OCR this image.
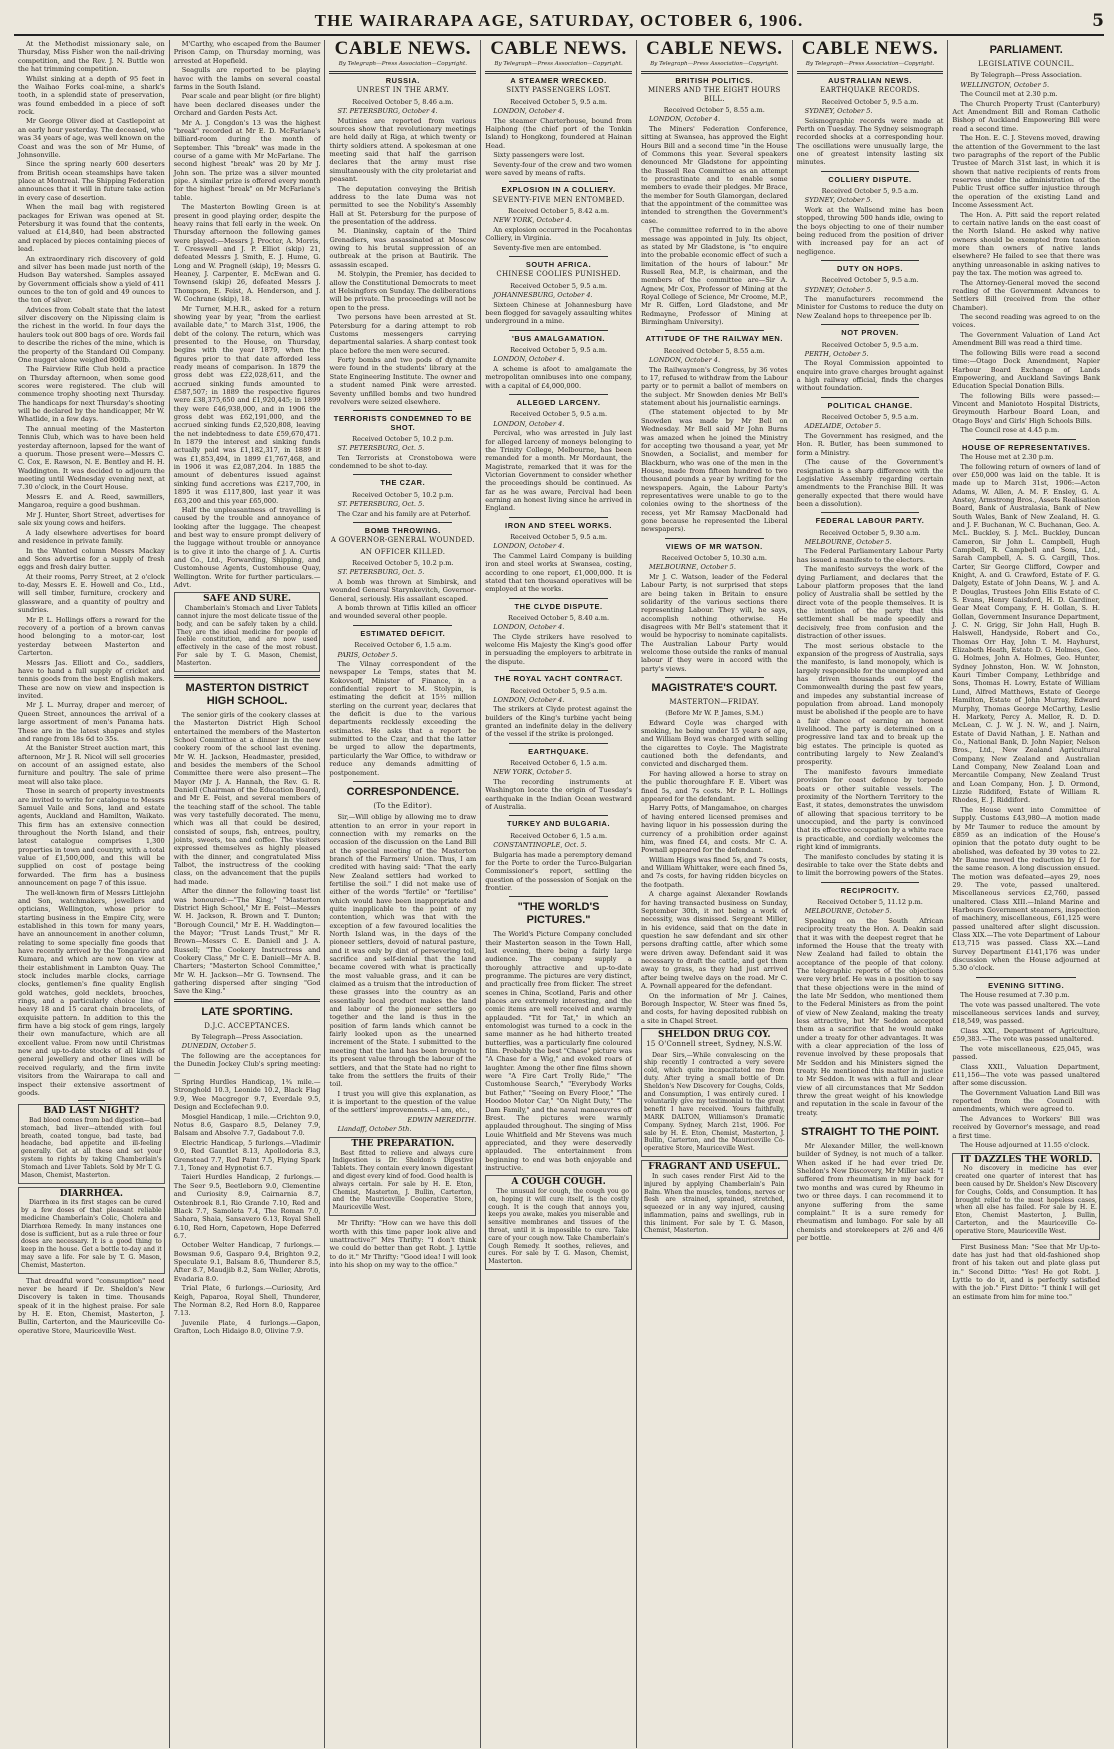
THE WAIRARAPA AGE, SATURDAY, OCTOBER 6, 1906.	5

At the Methodist missionary sale, on Thursday, Miss Fisher won the nail-driving competition, and the Rev. J. N. Buttle won the hat trimming competition.

Whilst sinking at a depth of 95 feet in the Waihao Forks coal-mine, a shark's tooth, in a splendid state of preservation, was found embedded in a piece of soft rock.

Mr George Oliver died at Castlepoint at an early hour yesterday. The deceased, who was 34 years of age, was well known on the Coast and was the son of Mr Hume, of Johnsonville.

Since the spring nearly 600 deserters from British ocean steamships have taken place at Montreal. The Shipping Federation announces that it will in future take action in every case of desertion.

When the mail bag with registered packages for Eriwan was opened at St. Petersburg it was found that the contents, valued at £14,840, had been abstracted and replaced by pieces containing pieces of lead.

An extraordinary rich discovery of gold and silver has been made just north of the Hudson Bay watershed. Samples assayed by Government officials show a yield of 411 ounces to the ton of gold and 49 ounces to the ton of silver.

Advices from Cobalt state that the latest silver discovery on the Nipissing claim is the richest in the world. In four days the haulers took out 800 bags of ore. Words fail to describe the riches of the mine, which is the property of the Standard Oil Company. One nugget alone weighed 800lb.

The Fairview Rifle Club held a practice on Thursday afternoon, when some good scores were registered. The club will commence trophy shooting next Thursday. The handicaps for next Thursday's shooting will be declared by the handicapper, Mr W. Whatlide, in a few days.

The annual meeting of the Masterton Tennis Club, which was to have been held yesterday afternoon, lapsed for the want of a quorum. Those present were—Messrs C. C. Cox, E. Rawson, N. E. Bentley and H. H. Waddington. It was decided to adjourn the meeting until Wednesday evening next, at 7.30 o'clock, in the Court House.

Messrs E. and A. Reed, sawmillers, Mangaroa, require a good bushman.

Mr J. Hunter, Short Street, advertises for sale six young cows and heifers.

A lady elsewhere advertises for board and residence in private family.

In the Wanted column Messrs Mackay and Sons advertise for a supply of fresh eggs and fresh dairy butter.

At their rooms, Perry Street, at 2 o'clock to-day, Messrs E. E. Howell and Co., Ltd., will sell timber, furniture, crockery and glassware, and a quantity of poultry and sundries.

Mr P. L. Hollings offers a reward for the recovery of a portion of a brown canvas hood belonging to a motor-car, lost yesterday between Masterton and Carterton.

Messrs Jas. Elliott and Co., saddlers, have to hand a full supply of cricket and tennis goods from the best English makers. These are now on view and inspection is invited.

Mr J. L. Murray, draper and mercer, of Queen Street, announces the arrival of a large assortment of men's Panama hats. These are in the latest shapes and styles and range from 18s 6d to 35s.

At the Banister Street auction mart, this afternoon, Mr J. R. Nicol will sell groceries on account of an assigned estate, also furniture and poultry. The sale of prime meat will also take place.

Those in search of property investments are invited to write for catalogue to Messrs Samuel Vaile and Sons, land and estate agents, Auckland and Hamilton, Waikato. This firm has an extensive connection throughout the North Island, and their latest catalogue comprises 1,300 properties in town and country, with a total value of £1,500,000, and this will be supplied on cost of postage being forwarded. The firm has a business announcement on page 7 of this issue.

The well-known firm of Messrs Littlejohn and Son, watchmakers, jewellers and opticians, Wellington, whose prior to starting business in the Empire City, were established in this town for many years, have an announcement in another column, relating to some specially fine goods that have recently arrived by the Tongariro and Kumara, and which are now on view at their establishment in Lambton Quay. The stock includes marble clocks, carriage clocks, gentlemen's fine quality English gold watches, gold necklets, brooches, rings, and a particularly choice line of heavy 18 and 15 carat chain bracelets, of exquisite pattern. In addition to this the firm have a big stock of gem rings, largely their own manufacture, which are all excellent value. From now until Christmas new and up-to-date stocks of all kinds of general jewellery and other lines will be received regularly, and the firm invite visitors from the Wairarapa to call and inspect their extensive assortment of goods.

BAD LAST NIGHT?

Bad blood comes from bad digestion—bad stomach, bad liver—attended with foul breath, coated tongue, bad taste, bad headache, bad appetite and ill-feeling generally. Get at all these and set your system to rights by taking Chamberlain's Stomach and Liver Tablets. Sold by Mr T. G. Mason, Chemist, Masterton.

DIARRHŒA.

Diarrhœa in its first stages can be cured by a few doses of that pleasant reliable medicine Chamberlain's Colic, Cholera and Diarrhœa Remedy. In many instances one dose is sufficient, but as a rule three or four doses are necessary. It is a good thing to keep in the house. Get a bottle to-day and it may save a life. For sale by T. G. Mason, Chemist, Masterton.

That dreadful word "consumption" need never be heard if Dr. Sheldon's New Discovery is taken in time. Thousands speak of it in the highest praise. For sale by H. E. Eton, Chemist, Masterton, J. Bullin, Carterton, and the Mauriceville Co-operative Store, Mauriceville West.

M'Carthy, who escaped from the Baumer Prison Camp, on Thursday morning, was arrested at Hopefield.

Seagulls are reported to be playing havoc with the lambs on several coastal farms in the South Island.

Pear scale and pear blight (or fire blight) have been declared diseases under the Orchard and Garden Pests Act.

Mr A. J. Congdon's 13 was the highest "break" recorded at Mr E. D. McFarlane's billiard-room during the month of September. This "break" was made in the course of a game with Mr McFarlane. The second highest "break" was 20 by Mr J. John son. The prize was a silver mounted pipe. A similar prize is offered every month for the highest "break" on Mr McFarlane's table.

The Masterton Bowling Green is at present in good playing order, despite the heavy rains that fell early in the week. On Thursday afternoon the following games were played:—Messrs J. Procter, A. Morris, T. Cresswell and J. P. Elliot (skip) 21, defeated Messrs J. Smith, E. J. Hume, G. Long and W. Pragnell (skip), 19; Messrs G. Heaney, J. Carpenter, E. McEwan and G. Townsend (skip) 26, defeated Messrs J. Thompson, E. Feist, A. Henderson, and J. W. Cochrane (skip), 18.

Mr Turner, M.H.R., asked for a return showing year by year, "from the earliest available date," to March 31st, 1906, the debt of the colony. The return, which was presented to the House, on Thursday, begins with the year 1879, when the figures prior to that date afforded less ready means of comparison. In 1879 the gross debt was £22,028,611, and the accrued sinking funds amounted to £587,507; in 1889 the respective figures were £38,375,650 and £1,920,445; in 1899 they were £46,938,000, and in 1906 the gross debt was £62,191,000, and the accrued sinking funds £2,520,808, leaving the net indebtedness to date £59,670,471. In 1879 the interest and sinking funds actually paid was £1,182,317, in 1889 it was £1,853,494, in 1899 £1,767,468, and in 1906 it was £2,087,204. In 1885 the amount of debentures issued against sinking fund accretions was £217,700, in 1895 it was £117,800, last year it was £63,200 and this year £65,000.

Half the unpleasantness of travelling is caused by the trouble and annoyance of looking after the luggage. The cheapest and best way to ensure prompt delivery of the luggage without trouble or annoyance is to give it into the charge of J. A. Curtis and Co., Ltd., Forwarding, Shipping, and Customhouse Agents, Customhouse Quay, Wellington. Write for further particulars.—Advt.

SAFE AND SURE.

Chamberlain's Stomach and Liver Tablets cannot injure the most delicate tissue of the body, and can be safely taken by a child. They are the ideal medicine for people of feeble constitution, and are now used effectively in the case of the most robust. For sale by T. G. Mason, Chemist, Masterton.

MASTERTON DISTRICT HIGH SCHOOL.

The senior girls of the cookery classes at the Masterton District High School entertained the members of the Masterton School Committee at a dinner in the new cookery room of the school last evening. Mr W. H. Jackson, Headmaster, presided, and besides the members of the School Committee there were also present—The Mayor (Mr J. A. Hannah, the Rev. G. R. Daniell (Chairman of the Education Board), and Mr E. Feist, and several members of the teaching staff of the school. The table was very tastefully decorated. The menu, which was all that could be desired, consisted of soups, fish, entrees, poultry, joints, sweets, tea and coffee. The visitors expressed themselves as highly pleased with the dinner, and congratulated Miss Talbot, the instructress of the cooking class, on the advancement that the pupils had made.

After the dinner the following toast list was honoured:—"The King;" "Masterton District High School," Mr E. Feist—Messrs W. H. Jackson, R. Brown and T. Dunton; "Borough Council," Mr E. H. Waddington—the Mayor; "Trust Lands Trust," Mr R. Brown—Messrs C. E. Daniell and J. A. Russell; "The Cookery Instructress and Cookery Class," Mr C. E. Daniell—Mr A. B. Charters; "Masterton School Committee," Mr W. H. Jackson—Mr G. Townsend. The gathering dispersed after singing "God Save the King."

LATE SPORTING.
D.J.C. ACCEPTANCES.
By Telegraph—Press Association.

DUNEDIN, October 5.

The following are the acceptances for the Dunedin Jockey Club's spring meeting:—

Spring Hurdles Handicap, 1¾ mile.—Stronghold 10.3, Leonide 10.2, Black Flag 9.9, Wee Macgregor 9.7, Everdale 9.5, Design and Ecclefechan 9.0.

Mosgiel Handicap, 1 mile.—Crichton 9.0, Notus 8.6, Gasparo 8.5, Delaney 7.9, Balsam and Absolve 7.7, Gadabout 7.0.

Electric Handicap, 5 furlongs.—Vladimir 9.0, Red Gauntlet 8.13, Apollodoria 8.3, Grenstead 7.7, Red Paint 7.5, Flying Spark 7.1, Toney and Hypnotist 6.7.

Taieri Hurdles Handicap, 2 furlongs.—The Seer 9.5, Beetleborn 9.0, Clementine and Curiosity 8.9, Cairnarnia 8.7, Ostenbroek 8.1, Rio Grande 7.10, Red and Black 7.7, Samoleta 7.4, The Roman 7.0, Sahara, Shaia, Sansavero 6.13, Royal Shell 6.10, Red Horn, Capetown, Hope Deferred 6.7.

October Welter Handicap, 7 furlongs.—Bowsman 9.6, Gasparo 9.4, Brighton 9.2, Speculate 9.1, Balsam 8.6, Thunderer 8.5, After 8.7, Maudjib 8.2, Sam Weller, Abrotis, Evadaria 8.0.

Trial Plate, 6 furlongs.—Curiosity, Ard Keigh, Paparoa, Royal Shell, Thunderer, The Norman 8.2, Red Horn 8.0, Rapparee 7.13.

Juvenile Plate, 4 furlongs.—Gapon, Grafton, Loch Hidaigo 8.0, Olivine 7.9.

CABLE NEWS.
By Telegraph—Press Association—Copyright.
RUSSIA.
UNREST IN THE ARMY.
Received October 5, 8.46 a.m.

ST. PETERSBURG, October 4.

Mutinies are reported from various sources show that revolutionary meetings are held daily at Riga, at which twenty or thirty soldiers attend. A spokesman at one meeting said that half the garrison declares that the army must rise simultaneously with the city proletariat and peasant.

The deputation conveying the British address to the late Duma was not permitted to see the Nobility's Assembly Hall at St. Petersburg for the purpose of the presentation of the address.

M. Dianinsky, captain of the Third Grenadiers, was assassinated at Moscow owing to his brutal suppression of an outbreak at the prison at Bautirik. The assassin escaped.

M. Stolypin, the Premier, has decided to allow the Constitutional Democrats to meet at Helsingfors on Sunday. The deliberations will be private. The proceedings will not be open to the press.

Two persons have been arrested at St. Petersburg for a daring attempt to rob Customs messengers carrying departmental salaries. A sharp contest took place before the men were secured.

Forty bombs and two pods of dynamite were found in the students' library at the State Engineering Institute. The owner and a student named Pink were arrested. Seventy unfilled bombs and two hundred revolvers were seized elsewhere.

TERRORISTS CONDEMNED TO BE SHOT.
Received October 5, 10.2 p.m.

ST. PETERSBURG, Oct. 5.

Ten Terrorists at Cronstobowa were condemned to be shot to-day.

THE CZAR.
Received October 5, 10.2 p.m.

ST. PETERSBURG, Oct. 5.

The Czar and his family are at Peterhof.

BOMB THROWING.
A GOVERNOR-GENERAL WOUNDED.
AN OFFICER KILLED.
Received October 5, 10.2 p.m.

ST. PETERSBURG, Oct. 5.

A bomb was thrown at Simbirsk, and wounded General Starynkevitch, Governor-General, seriously. His assailant escaped.

A bomb thrown at Tiflis killed an officer and wounded several other people.

ESTIMATED DEFICIT.
Received October 6, 1.5 a.m.

PARIS, October 5.

The Vilnay correspondent of the newspaper Le Temps, states that M. Kokovsoff, Minister of Finance, in a confidential report to M. Stolypin, is estimating the deficit at 15½ million sterling on the current year, declares that the deficit is due to the various departments recklessly exceeding the estimates. He asks that a report be submitted to the Czar, and that the latter be urged to allow the departments, particularly the War Office, to withdraw or reduce any demands admitting of postponement.

CORRESPONDENCE.
(To the Editor).

Sir,—Will oblige by allowing me to draw attention to an error in your report in connection with my remarks on the occasion of the discussion on the Land Bill at the special meeting of the Masterton branch of the Farmers' Union. Thus, I am credited with having said: "That the early New Zealand settlers had worked to fertilise the soil." I did not make use of either of the words "fertile" or "fertilise" which would have been inappropriate and quite inapplicable to the point of my contention, which was that with the exception of a few favoured localities the North Island was, in the days of the pioneer settlers, devoid of natural pasture, and it was only by dint of persevering toil, sacrifice and self-denial that the land became covered with what is practically the most valuable grass, and it can be claimed as a truism that the introduction of these grasses into the country as an essentially local product makes the land and labour of the pioneer settlers go together and the land is thus in the position of farm lands which cannot be fairly looked upon as the unearned increment of the State. I submitted to the meeting that the land has been brought to its present value through the labour of the settlers, and that the State had no right to take from the settlers the fruits of their toil.

I trust you will give this explanation, as it is important to the question of the value of the settlers' improvements.—I am, etc.,

EDWIN MEREDITH.

Llandaff, October 5th.

THE PREPARATION.

Best fitted to relieve and always cure Indigestion is Dr. Sheldon's Digestive Tablets. They contain every known digestant and digest every kind of food. Good health is always certain. For sale by H. E. Eton, Chemist, Masterton, J. Bullin, Carterton, and the Mauriceville Cooperative Store, Mauriceville West.

Mr Thrifty: "How can we have this doll worth with this time paper look alive and unattractive?" Mrs Thrifty: "I don't think we could do better than get Robt. J. Lyttle to do it." Mr Thrifty: "Good idea! I will look into his shop on my way to the office."

CABLE NEWS.
By Telegraph—Press Association—Copyright.
A STEAMER WRECKED.
SIXTY PASSENGERS LOST.
Received October 5, 9.5 a.m.

LONDON, October 4.

The steamer Charterhouse, bound from Haiphong (the chief port of the Tonkin Island) to Hongkong, foundered at Hainan Head.

Sixty passengers were lost.

Seventy-four of the crew and two women were saved by means of rafts.

EXPLOSION IN A COLLIERY.
SEVENTY-FIVE MEN ENTOMBED.
Received October 5, 8.42 a.m.

NEW YORK, October 4.

An explosion occurred in the Pocahontas Colliery, in Virginia.

Seventy-five men are entombed.

SOUTH AFRICA.
CHINESE COOLIES PUNISHED.
Received October 5, 9.5 a.m.

JOHANNESBURG, October 4.

Sixteen Chinese at Johannesburg have been flogged for savagely assaulting whites underground in a mine.

'BUS AMALGAMATION.
Received October 5, 9.5 a.m.

LONDON, October 4.

A scheme is afoot to amalgamate the metropolitan omnibuses into one company, with a capital of £4,000,000.

ALLEGED LARCENY.
Received October 5, 9.5 a.m.

LONDON, October 4.

Percival, who was arrested in July last for alleged larceny of moneys belonging to the Trinity College, Melbourne, has been remanded for a month. Mr Mordaunt, the Magistrate, remarked that it was for the Victorian Government to consider whether the proceedings should be continued. As far as he was aware, Percival had been earning an honest living since he arrived in England.

IRON AND STEEL WORKS.
Received October 5, 9.5 a.m.

LONDON, October 4.

The Cammel Laird Company is building iron and steel works at Swansea, costing, according to one report, £1,000,000. It is stated that ten thousand operatives will be employed at the works.

THE CLYDE DISPUTE.
Received October 5, 8.40 a.m.

LONDON, October 4.

The Clyde strikers have resolved to welcome His Majesty the King's good offer in persuading the employers to arbitrate in the dispute.

THE ROYAL YACHT CONTRACT.
Received October 5, 9.5 a.m.

LONDON, October 4.

The strikers at Clyde protest against the builders of the King's turbine yacht being granted an indefinite delay in the delivery of the vessel if the strike is prolonged.

EARTHQUAKE.
Received October 6, 1.5 a.m.

NEW YORK, October 5.

The recording instruments at Washington locate the origin of Tuesday's earthquake in the Indian Ocean westward of Australia.

TURKEY AND BULGARIA.
Received October 6, 1.5 a.m.

CONSTANTINOPLE, Oct. 5.

Bulgaria has made a peremptory demand for the Porte to order the Turco-Bulgarian Commissioner's report, settling the question of the possession of Sonjak on the frontier.

"THE WORLD'S PICTURES."

The World's Picture Company concluded their Masterton season in the Town Hall, last evening, there being a fairly large audience. The company supply a thoroughly attractive and up-to-date programme. The pictures are very distinct, and practically free from flicker. The street scenes in China, Scotland, Paris and other places are extremely interesting, and the comic items are well received and warmly applauded. "Tit for Tat," in which an entomologist was turned to a cock in the same manner as he had hitherto treated butterflies, was a particularly fine coloured film. Probably the best "Chase" picture was "A Chase for a Wig," and evoked roars of laughter. Among the other fine films shown were "A Fire Cart Trolly Ride," "The Customhouse Search," "Everybody Works but Father," "Seeing on Every Floor," "The Hoodoo Motor Car," "On Night Duty," "The Dam Family," and the naval manoeuvres off Brest. The pictures were warmly applauded throughout. The singing of Miss Louie Whitfield and Mr Stevens was much appreciated, and they were deservedly applauded. The entertainment from beginning to end was both enjoyable and instructive.

A COUGH COUGH.

The unusual for cough, the cough you go on, hoping it will cure itself, is the costly cough. It is the cough that annoys you, keeps you awake, makes you miserable and sensitive membranes and tissues of the throat, until it is impossible to cure. Take care of your cough now. Take Chamberlain's Cough Remedy. It soothes, relieves, and cures. For sale by T. G. Mason, Chemist, Masterton.

CABLE NEWS.
By Telegraph—Press Association—Copyright.
BRITISH POLITICS.
MINERS AND THE EIGHT HOURS BILL.
Received October 5, 8.55 a.m.

LONDON, October 4.

The Miners' Federation Conference, sitting at Swansea, has approved the Eight Hours Bill and a second time "in the House of Commons this year. Several speakers denounced Mr Gladstone for appointing the Russell Rea Committee as an attempt to procrastinate and to enable some members to evade their pledges. Mr Brace, the member for South Glamorgan, declared that the appointment of the committee was intended to strengthen the Government's case.

(The committee referred to in the above message was appointed in July. Its object, as stated by Mr Gladstone, is "to enquire into the probable economic effect of such a limitation of the hours of labour." Mr Russell Rea, M.P., is chairman, and the members of the committee are—Sir A. Agnew, Mr Cox, Professor of Mining at the Royal College of Science, Mr Croome, M.P., Mr R. Giffen, Lord Gladstone, and Mr Redmayne, Professor of Mining at Birmingham University).

ATTITUDE OF THE RAILWAY MEN.
Received October 5, 8.55 a.m.

LONDON, October 4.

The Railwaymen's Congress, by 36 votes to 17, refused to withdraw from the Labour party or to permit a ballot of members on the subject. Mr Snowden denies Mr Bell's statement about his journalistic earnings.

(The statement objected to by Mr Snowden was made by Mr Bell on Wednesday. Mr Bell said Mr John Burns was amazed when he joined the Ministry for accepting two thousand a year, yet Mr Snowden, a Socialist, and member for Blackburn, who was one of the men in the House, made from fifteen hundred to two thousand pounds a year by writing for the newspapers. Again, the Labour Party's representatives were unable to go to the colonies owing to the shortness of the recess, yet Mr Ramsay MacDonald had gone because he represented the Liberal newspapers).

VIEWS OF MR WATSON.
Received October 5, 10.30 a.m.

MELBOURNE, October 5.

Mr J. C. Watson, leader of the Federal Labour Party, is not surprised that steps are being taken in Britain to ensure solidarity of the various sections there representing Labour. They will, he says, accomplish nothing otherwise. He disagrees with Mr Bell's statement that it would be hypocrisy to nominate capitalists. The Australian Labour Party would welcome those outside the ranks of manual labour if they were in accord with the party's views.

MAGISTRATE'S COURT.
MASTERTON—FRIDAY.
(Before Mr W. P. James, S.M.)

Edward Coyle was charged with smoking, he being under 15 years of age, and William Boyd was charged with selling the cigarettes to Coyle. The Magistrate cautioned both the defendants, and convicted and discharged them.

For having allowed a horse to stray on the public thoroughfare F. E. Vibert was fined 5s, and 7s costs. Mr P. L. Hollings appeared for the defendant.

Harry Potts, of Mangamahoe, on charges of having entered licensed premises and having liquor in his possession during the currency of a prohibition order against him, was fined £4, and costs. Mr C. A. Pownall appeared for the defendant.

William Higgs was fined 5s, and 7s costs, and William Whittaker, were each fined 5s, and 7s costs, for having ridden bicycles on the footpath.

A charge against Alexander Rowlands for having transacted business on Sunday, September 30th, it not being a work of necessity, was dismissed. Sergeant Miller, in his evidence, said that on the date in question he saw defendant and six other persons drafting cattle, after which some were driven away. Defendant said it was necessary to draft the cattle, and get them away to grass, as they had just arrived after being twelve days on the road. Mr C. A. Pownall appeared for the defendant.

On the information of Mr J. Caines, Borough Inspector, W. Steer was fined 5s, and costs, for having deposited rubbish on a site in Chapel Street.

SHELDON DRUG COY.
15 O'Connell street, Sydney, N.S.W.

Dear Sirs,—While convalescing on the ship recently I contracted a very severe cold, which quite incapacitated me from duty. After trying a small bottle of Dr. Sheldon's New Discovery for Coughs, Colds, and Consumption, I was entirely cured. I voluntarily give my testimonial to the great benefit I have received. Yours faithfully, MARK DALTON, Williamson's Dramatic Company. Sydney, March 21st, 1906. For sale by H. E. Eton, Chemist, Masterton, J. Bullin, Carterton, and the Mauriceville Co-operative Store, Mauriceville West.

FRAGRANT AND USEFUL.

In such cases render First Aid to the injured by applying Chamberlain's Pain Balm. When the muscles, tendons, nerves or flesh are strained, sprained, stretched, squeezed or in any way injured, causing inflammation, pains and swellings, rub in this liniment. For sale by T. G. Mason, Chemist, Masterton.

CABLE NEWS.
By Telegraph—Press Association—Copyright.
AUSTRALIAN NEWS.
EARTHQUAKE RECORDS.
Received October 5, 9.5 a.m.

SYDNEY, October 5.

Seismographic records were made at Perth on Tuesday. The Sydney seismograph recorded shocks at a corresponding hour. The oscillations were unusually large, the one of greatest intensity lasting six minutes.

COLLIERY DISPUTE.
Received October 5, 9.5 a.m.

SYDNEY, October 5.

Work at the Wallsend mine has been stopped, throwing 500 hands idle, owing to the boys objecting to one of their number being reduced from the position of driver with increased pay for an act of negligence.

DUTY ON HOPS.
Received October 5, 9.5 a.m.

SYDNEY, October 5.

The manufacturers recommend the Minister for Customs to reduce the duty on New Zealand hops to threepence per lb.

NOT PROVEN.
Received October 5, 9.5 a.m.

PERTH, October 5.

The Royal Commission appointed to enquire into grave charges brought against a high railway official, finds the charges without foundation.

POLITICAL CHANGE.
Received October 5, 9.5 a.m.

ADELAIDE, October 5.

The Government has resigned, and the Hon. R. Butler, has been summoned to form a Ministry.

(The cause of the Government's resignation is a sharp difference with the Legislative Assembly regarding certain amendments to the Franchise Bill. It was generally expected that there would have been a dissolution).

FEDERAL LABOUR PARTY.
Received October 5, 9.30 a.m.

MELBOURNE, October 5.

The Federal Parliamentary Labour Party has issued a manifesto to the electors.

The manifesto surveys the work of the dying Parliament, and declares that the Labour platform proposes that the land policy of Australia shall be settled by the direct vote of the people themselves. It is the intention of the party that this settlement shall be made speedily and decisively, free from confusion and the distraction of other issues.

The most serious obstacle to the expansion of the progress of Australia, says the manifesto, is land monopoly, which is largely responsible for the unemployed and has driven thousands out of the Commonwealth during the past few years, and impedes any substantial increase of population from abroad. Land monopoly must be abolished if the people are to have a fair chance of earning an honest livelihood. The party is determined on a progressive land tax and to break up the big estates. The principle is quoted as contributing largely to New Zealand's prosperity.

The manifesto favours immediate provision for coast defence by torpedo boats or other suitable vessels. The proximity of the Northern Territory to the East, it states, demonstrates the unwisdom of allowing that spacious territory to be unoccupied, and the party is convinced that its effective occupation by a white race is practicable, and cordially welcomes the right kind of immigrants.

The manifesto concludes by stating it is desirable to take over the State debts and to limit the borrowing powers of the States.

RECIPROCITY.
Received October 5, 11.12 p.m.

MELBOURNE, October 5.

Speaking on the South African reciprocity treaty the Hon. A. Deakin said that it was with the deepest regret that he informed the House that the treaty with New Zealand had failed to obtain the acceptance of the people of that colony. The telegraphic reports of the objections were very brief. He was in a position to say that these objections were in the mind of the late Mr Seddon, who mentioned them to the Federal Ministers as from the point of view of New Zealand, making the treaty less attractive, but Mr Seddon accepted them as a sacrifice that he would make under a treaty for other advantages. It was with a clear appreciation of the loss of revenue involved by these proposals that Mr Seddon and his Ministers signed the treaty. He mentioned this matter in justice to Mr Seddon. It was with a full and clear view of all circumstances that Mr Seddon threw the great weight of his knowledge and reputation in the scale in favour of the treaty.

STRAIGHT TO THE POINT.

Mr Alexander Miller, the well-known builder of Sydney, is not much of a talker. When asked if he had ever tried Dr. Sheldon's New Discovery, Mr Miller said: "I suffered from rheumatism in my back for two months and was cured by Rheumo in two or three days. I can recommend it to anyone suffering from the same complaint." It is a sure remedy for rheumatism and lumbago. For sale by all chemists and storekeepers at 2/6 and 4/6 per bottle.

PARLIAMENT.
LEGISLATIVE COUNCIL.
By Telegraph—Press Association.

WELLINGTON, October 5.

The Council met at 2.30 p.m.

The Church Property Trust (Canterbury) Act Amendment Bill and Roman Catholic Bishop of Auckland Empowering Bill were read a second time.

The Hon. E. C. J. Stevens moved, drawing the attention of the Government to the last two paragraphs of the report of the Public Trustee of March 31st last, in which it is shown that native recipients of rents from reserves under the administration of the Public Trust office suffer injustice through the operation of the existing Land and Income Assessment Act.

The Hon. A. Pitt said the report related to certain native lands on the east coast of the North Island. He asked why native owners should be exempted from taxation more than owners of native lands elsewhere? He failed to see that there was anything unreasonable in asking natives to pay the tax. The motion was agreed to.

The Attorney-General moved the second reading of the Government Advances to Settlers Bill (received from the other Chamber).

The second reading was agreed to on the voices.

The Government Valuation of Land Act Amendment Bill was read a third time.

The following Bills were read a second time:—Otago Dock Amendment, Napier Harbour Board Exchange of Lands Empowering, and Auckland Savings Bank Education Special Donation Bills.

The following Bills were passed:—Vincent and Maniototo Hospital Districts, Greymouth Harbour Board Loan, and Otago Boys' and Girls' High Schools Bills.

The Council rose at 4.45 p.m.

HOUSE OF REPRESENTATIVES.

The House met at 2.30 p.m.

The following return of owners of land of over £50,000 was laid on the table. It is made up to March 31st, 1906:—Acton Adams, W. Allen, A. M. F. Ensley, G. A. Anstey, Armstrong Bros., Assets Realisation Board, Bank of Australasia, Bank of New South Wales, Bank of New Zealand, H. G. and J. F. Buchanan, W. C. Buchanan, Geo. A. McL. Buckley, S. J. McL. Buckley, Duncan Cameron, Sir John L. Campbell, Hugh Campbell, R. Campbell and Sons, Ltd., Sarah Campbell, A. S. G. Cargill, Thos. Carter, Sir George Clifford, Cowper and Knight, A. and G. Crawford, Estate of F. G. Dalgety, Estate of John Deans, W. J. and A. P. Douglas, Trustees John Ellis Estate of C. S. Evans, Henry Gaisford, H. D. Gardiner, Gear Meat Company, F. H. Gollan, S. H. Gollan, Government Insurance Department, J. C. N. Grigg, Sir John Hall, Hugh B. Halswell, Handyside, Robert and Co., Thomas Orr Hay, John T. M. Hayhurst, Elizabeth Heath, Estate D. G. Holmes, Geo. G. Holmes, John A. Holmes, Geo. Hunter, Sydney Johnston, Hon. W. W. Johnston, Kauri Timber Company, Lethbridge and Sons, Thomas H. Lowry, Estate of William Lund, Alfred Matthews, Estate of George Hamilton, Estate of John Murray, Edward Murphy, Thomas George McCarthy, Leslie H. Markety, Percy A. Mellor, R. D. D. McLean, C. J. W. J. N. W., and J. Nairn, Estate of David Nathan, J. E. Nathan and Co., National Bank, D. John Napier, Nelson Bros., Ltd., New Zealand Agricultural Company, New Zealand and Australian Land Company, New Zealand Loan and Mercantile Company, New Zealand Trust and Loan Company, Hon. J. D. Ormond, Lizzie Riddiford, Estate of William R. Rhodes, E. J. Riddiford.

The House went into Committee of Supply. Customs £43,980—A motion made by Mr Taumer to reduce the amount by £859 as an indication of the House's opinion that the potato duty ought to be abolished, was defeated by 39 votes to 22. Mr Baume moved the reduction by £1 for the same reason. A long discussion ensued. The motion was defeated—ayes 29, noes 29. The vote, passed unaltered. Miscellaneous services £2,760, passed unaltered. Class XIII.—Inland Marine and Harbours Government steamers, inspection of machinery, miscellaneous, £61,125 were passed unaltered after slight discussion. Class XIX.—The vote Department of Labour £13,715 was passed. Class XX.—Land Survey Department £141,176 was under discussion when the House adjourned at 5.30 o'clock.

EVENING SITTING.

The House resumed at 7.30 p.m.

The vote was passed unaltered. The vote miscellaneous services lands and survey, £18,549, was passed.

Class XXI., Department of Agriculture, £59,383.—The vote was passed unaltered.

The vote miscellaneous, £25,045, was passed.

Class XXII., Valuation Department, £11,156—The vote was passed unaltered after some discussion.

The Government Valuation Land Bill was reported from the Council with amendments, which were agreed to.

The Advances to Workers' Bill was received by Governor's message, and read a first time.

The House adjourned at 11.55 o'clock.

IT DAZZLES THE WORLD.

No discovery in medicine has ever created one quarter of interest that has been caused by Dr. Sheldon's New Discovery for Coughs, Colds, and Consumption. It has brought relief to the most hopeless cases, when all else has failed. For sale by H. E. Eton, Chemist Masterton, J. Bullin, Carterton, and the Mauriceville Co-operative Store, Mauriceville West.

First Business Man: "See that Mr Up-to-date has just had that old-fashioned shop front of his taken out and plate glass put in." Second Ditto: "Yes! He got Robt. J. Lyttle to do it, and is perfectly satisfied with the job." First Ditto: "I think I will get an estimate from him for mine too."
